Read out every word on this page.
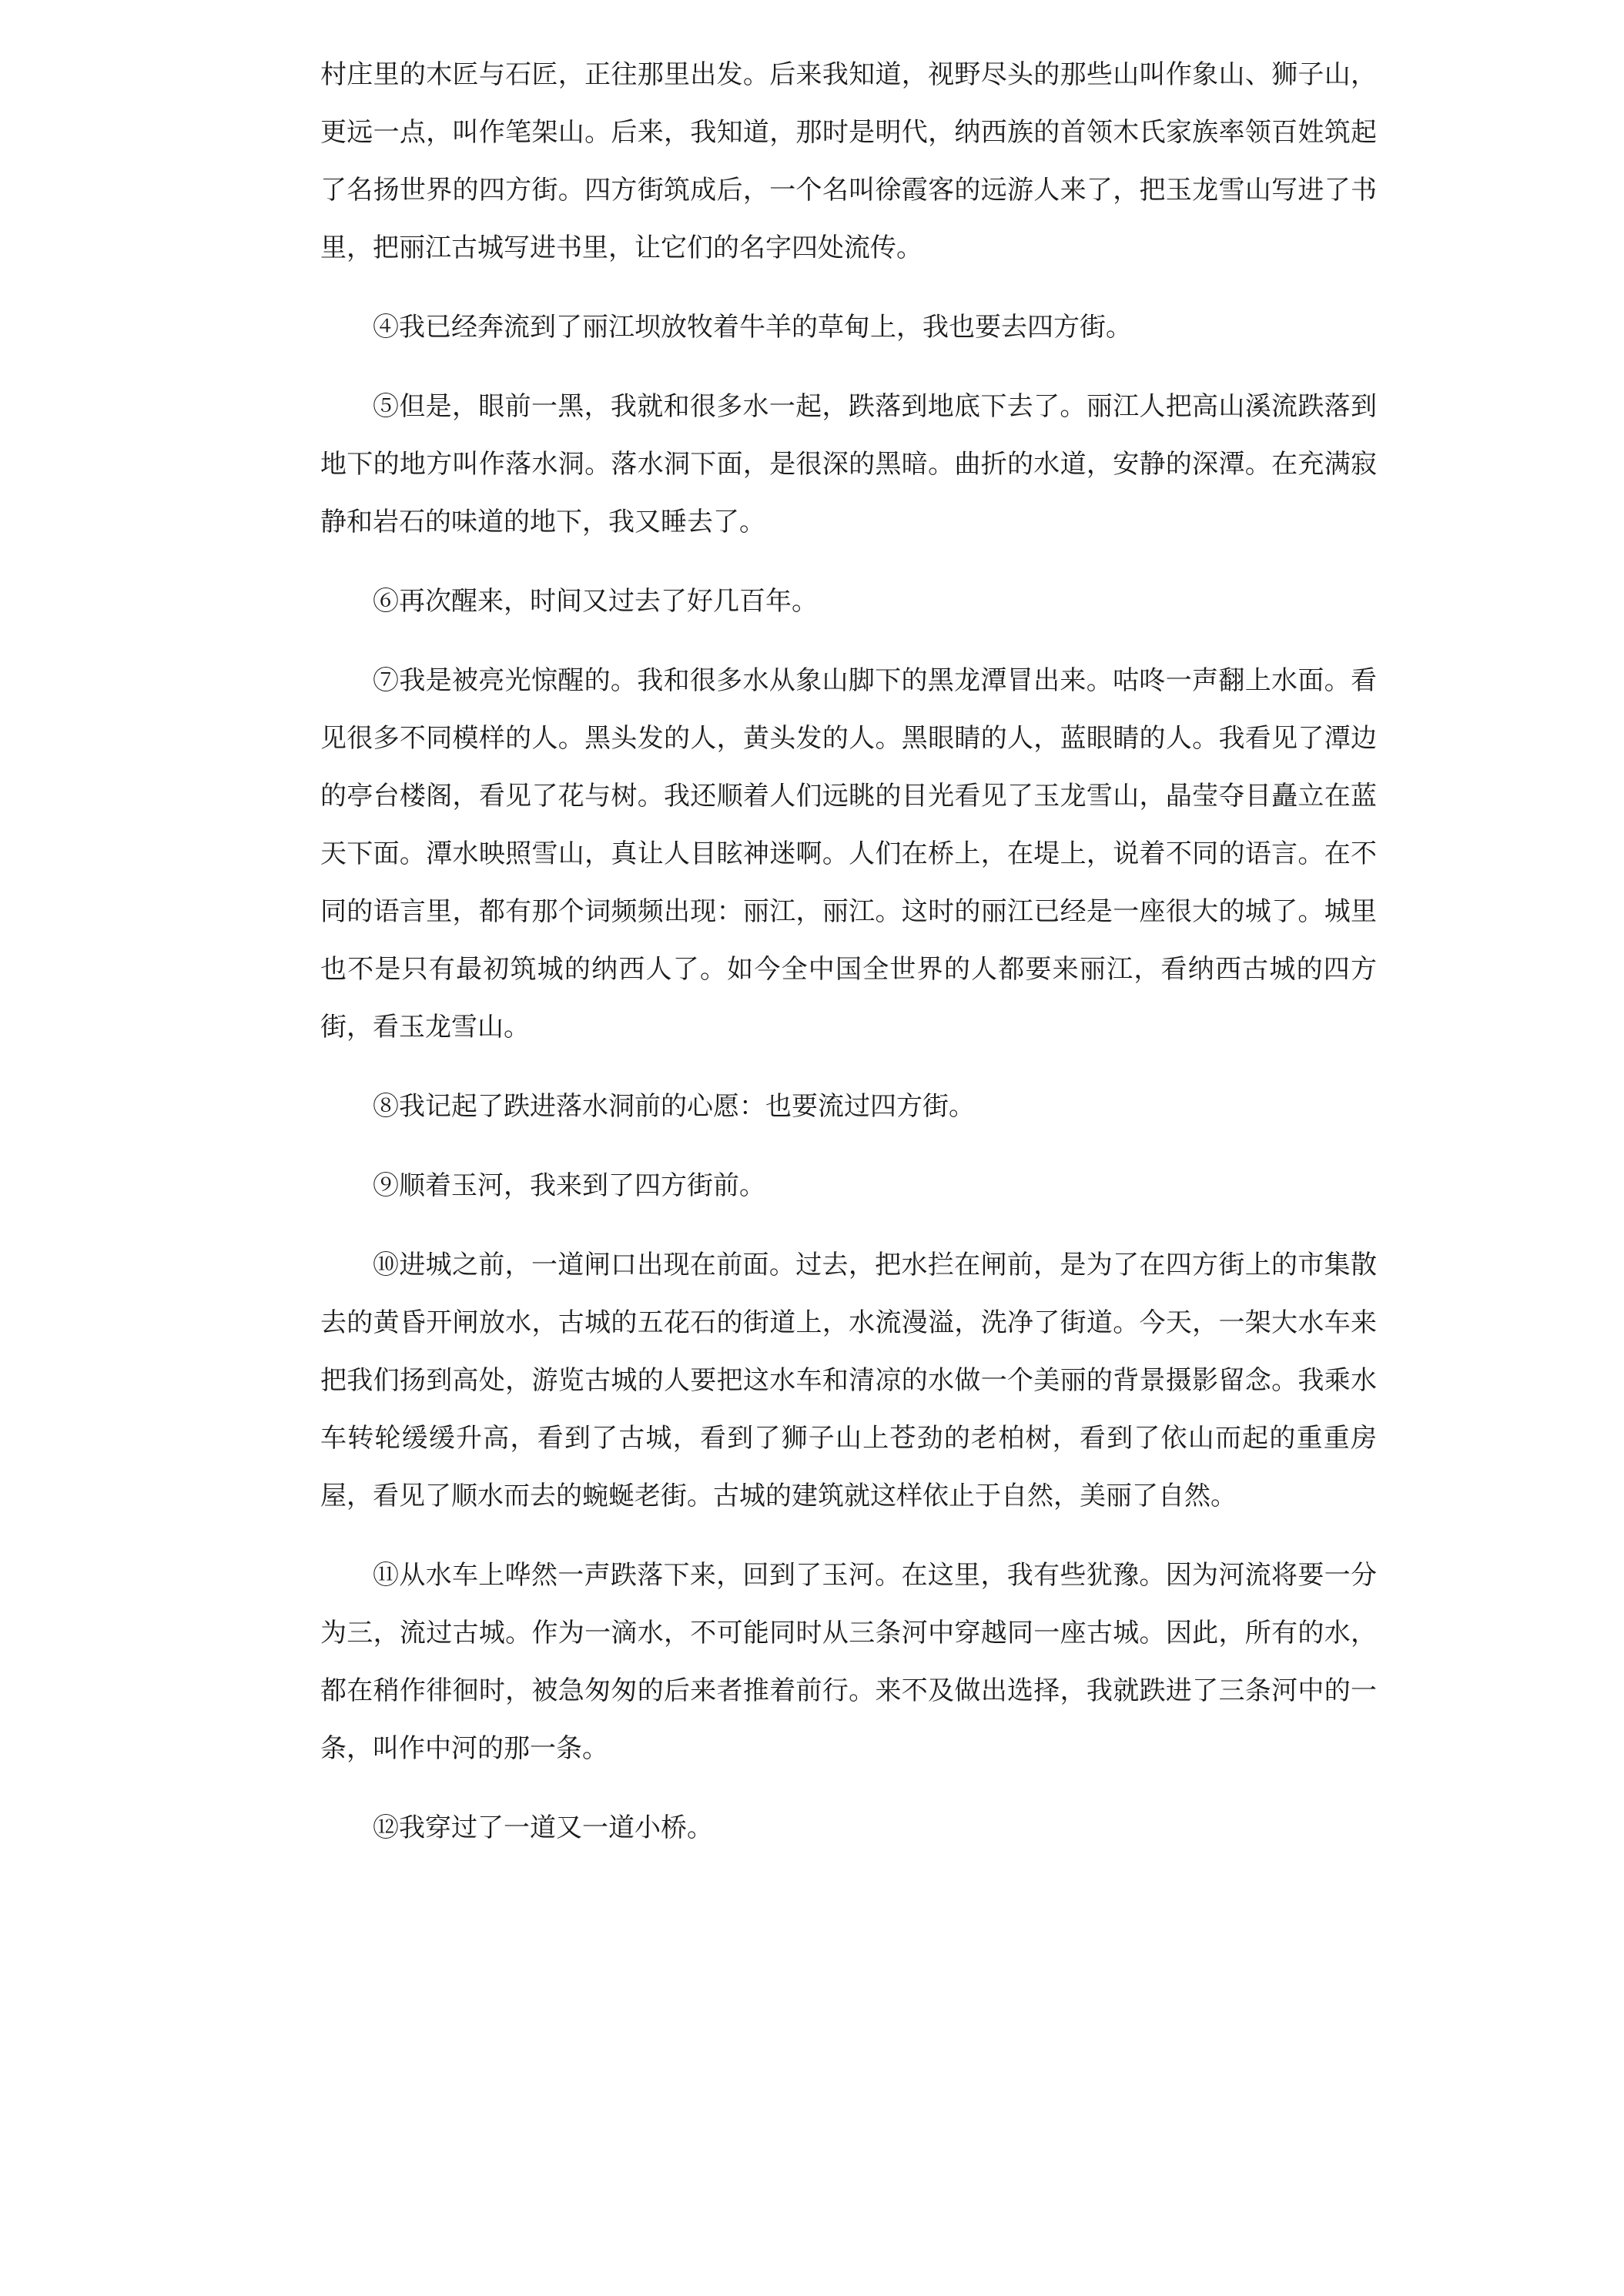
村庄里的木匠与石匠，正往那里出发。后来我知道，视野尽头的那些山叫作象山、狮子山，更远一点，叫作笔架山。后来，我知道，那时是明代，纳西族的首领木氏家族率领百姓筑起了名扬世界的四方街。四方街筑成后，一个名叫徐霞客的远游人来了，把玉龙雪山写进了书里，把丽江古城写进书里，让它们的名字四处流传。

④我已经奔流到了丽江坝放牧着牛羊的草甸上，我也要去四方街。

⑤但是，眼前一黑，我就和很多水一起，跌落到地底下去了。丽江人把高山溪流跌落到地下的地方叫作落水洞。落水洞下面，是很深的黑暗。曲折的水道，安静的深潭。在充满寂静和岩石的味道的地下，我又睡去了。

⑥再次醒来，时间又过去了好几百年。

⑦我是被亮光惊醒的。我和很多水从象山脚下的黑龙潭冒出来。咕咚一声翻上水面。看见很多不同模样的人。黑头发的人，黄头发的人。黑眼睛的人，蓝眼睛的人。我看见了潭边的亭台楼阁，看见了花与树。我还顺着人们远眺的目光看见了玉龙雪山，晶莹夺目矗立在蓝天下面。潭水映照雪山，真让人目眩神迷啊。人们在桥上，在堤上，说着不同的语言。在不同的语言里，都有那个词频频出现：丽江，丽江。这时的丽江已经是一座很大的城了。城里也不是只有最初筑城的纳西人了。如今全中国全世界的人都要来丽江，看纳西古城的四方街，看玉龙雪山。

⑧我记起了跌进落水洞前的心愿：也要流过四方街。

⑨顺着玉河，我来到了四方街前。

⑩进城之前，一道闸口出现在前面。过去，把水拦在闸前，是为了在四方街上的市集散去的黄昏开闸放水，古城的五花石的街道上，水流漫溢，洗净了街道。今天，一架大水车来把我们扬到高处，游览古城的人要把这水车和清凉的水做一个美丽的背景摄影留念。我乘水车转轮缓缓升高，看到了古城，看到了狮子山上苍劲的老柏树，看到了依山而起的重重房屋，看见了顺水而去的蜿蜒老街。古城的建筑就这样依止于自然，美丽了自然。

⑪从水车上哗然一声跌落下来，回到了玉河。在这里，我有些犹豫。因为河流将要一分为三，流过古城。作为一滴水，不可能同时从三条河中穿越同一座古城。因此，所有的水，都在稍作徘徊时，被急匆匆的后来者推着前行。来不及做出选择，我就跌进了三条河中的一条，叫作中河的那一条。

⑫我穿过了一道又一道小桥。
